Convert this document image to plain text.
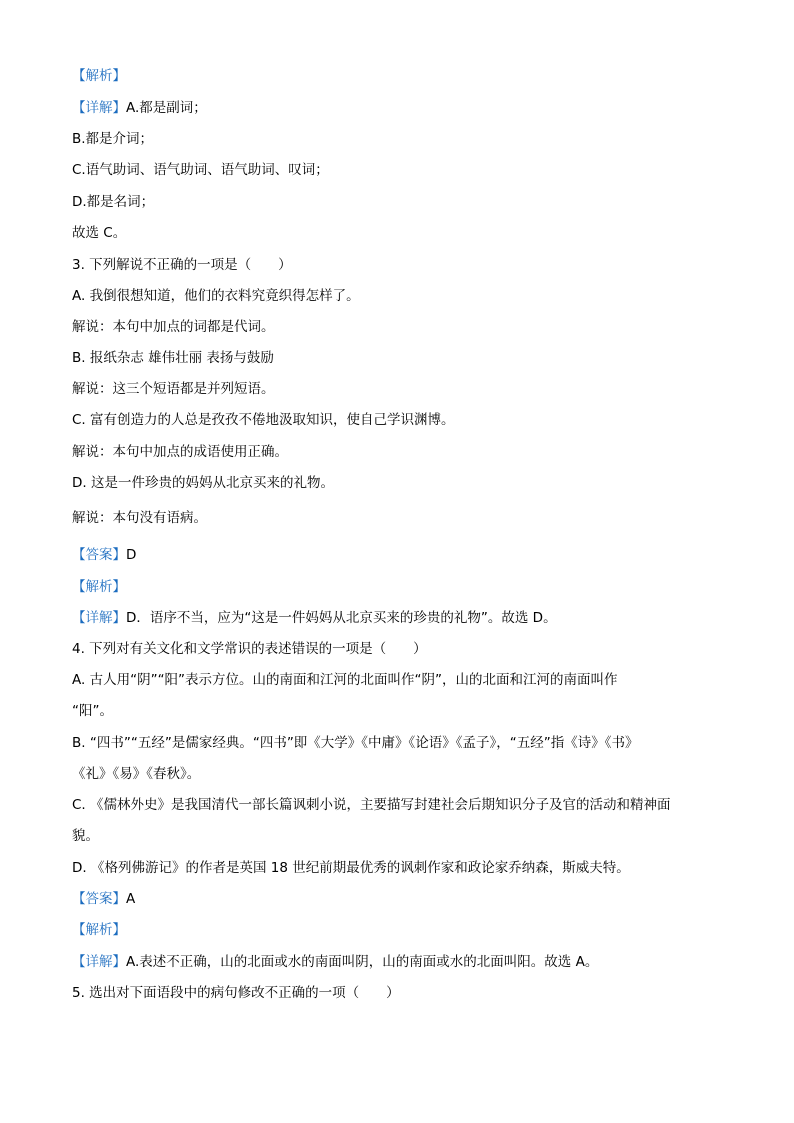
【解析】
【详解】A.都是副词；
B.都是介词；
C.语气助词、语气助词、语气助词、叹词；
D.都是名词；
故选 C。
3. 下列解说不正确的一项是（　　）
A. 我倒很想知道，他们的衣料究竟织得怎样了。
解说：本句中加点的词都是代词。
B. 报纸杂志 雄伟壮丽 表扬与鼓励
解说：这三个短语都是并列短语。
C. 富有创造力的人总是孜孜不倦地汲取知识，使自己学识渊博。
解说：本句中加点的成语使用正确。
D. 这是一件珍贵的妈妈从北京买来的礼物。
解说：本句没有语病。
【答案】D
【解析】
【详解】D．语序不当，应为“这是一件妈妈从北京买来的珍贵的礼物”。故选 D。
4. 下列对有关文化和文学常识的表述错误的一项是（　　）
A. 古人用“阴”“阳”表示方位。山的南面和江河的北面叫作“阴”，山的北面和江河的南面叫作
“阳”。
B. “四书”“五经”是儒家经典。“四书”即《大学》《中庸》《论语》《孟子》，“五经”指《诗》《书》
《礼》《易》《春秋》。
C. 《儒林外史》是我国清代一部长篇讽刺小说，主要描写封建社会后期知识分子及官的活动和精神面
貌。
D. 《格列佛游记》的作者是英国 18 世纪前期最优秀的讽刺作家和政论家乔纳森，斯威夫特。
【答案】A
【解析】
【详解】A.表述不正确，山的北面或水的南面叫阴，山的南面或水的北面叫阳。故选 A。
5. 选出对下面语段中的病句修改不正确的一项（　　）
